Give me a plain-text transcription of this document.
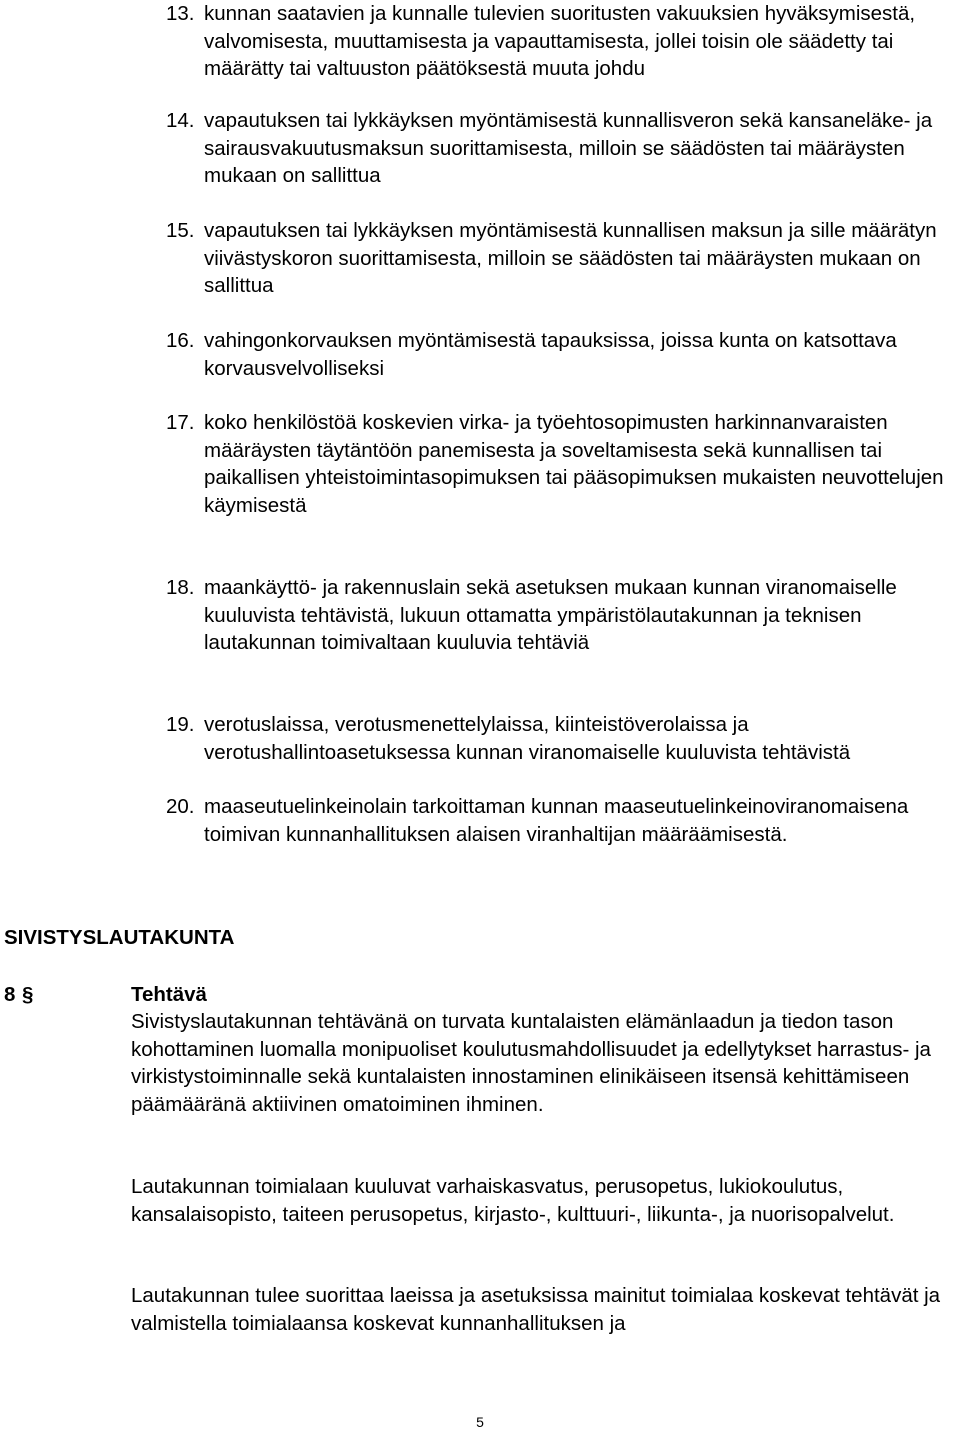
13. kunnan saatavien ja kunnalle tulevien suoritusten vakuuksien hyväksymisestä, valvomisesta, muuttamisesta ja vapauttamisesta, jollei toisin ole säädetty tai määrätty tai valtuuston päätöksestä muuta johdu
14. vapautuksen tai lykkäyksen myöntämisestä kunnallisveron sekä kansaneläke- ja sairausvakuutusmaksun suorittamisesta, milloin se säädösten tai määräysten mukaan on sallittua
15. vapautuksen tai lykkäyksen myöntämisestä kunnallisen maksun ja sille määrätyn viivästyskoron suorittamisesta, milloin se säädösten tai määräysten mukaan on sallittua
16. vahingonkorvauksen myöntämisestä tapauksissa, joissa kunta on katsottava korvausvelvolliseksi
17. koko henkilöstöä koskevien virka- ja työehtosopimusten harkinnanvaraisten määräysten täytäntöön panemisesta ja soveltamisesta sekä kunnallisen tai paikallisen yhteistoimintasopimuksen tai pääsopimuksen mukaisten neuvottelujen käymisestä
18. maankäyttö- ja rakennuslain sekä asetuksen mukaan kunnan viranomaiselle kuuluvista tehtävistä, lukuun ottamatta ympäristölautakunnan ja teknisen lautakunnan toimivaltaan kuuluvia tehtäviä
19. verotuslaissa, verotusmenettelylaissa, kiinteistöverolaissa ja verotushallintoasetuksessa kunnan viranomaiselle kuuluvista tehtävistä
20. maaseutuelinkeinolain tarkoittaman kunnan maaseutuelinkeinoviranomaisena toimivan kunnanhallituksen alaisen viranhaltijan määräämisestä.
SIVISTYSLAUTAKUNTA
8 §	Tehtävä
Sivistyslautakunnan tehtävänä on turvata kuntalaisten elämänlaadun ja tiedon tason kohottaminen luomalla monipuoliset koulutusmahdollisuudet ja edellytykset harrastus- ja virkistystoiminnalle sekä kuntalaisten innostaminen elinikäiseen itsensä kehittämiseen päämääränä aktiivinen omatoiminen ihminen.
Lautakunnan toimialaan kuuluvat varhaiskasvatus, perusopetus, lukiokoulutus, kansalaisopisto, taiteen perusopetus, kirjasto-, kulttuuri-, liikunta-, ja nuorisopalvelut.
Lautakunnan tulee suorittaa laeissa ja asetuksissa mainitut toimialaa koskevat tehtävät ja valmistella toimialaansa koskevat kunnanhallituksen ja
5
